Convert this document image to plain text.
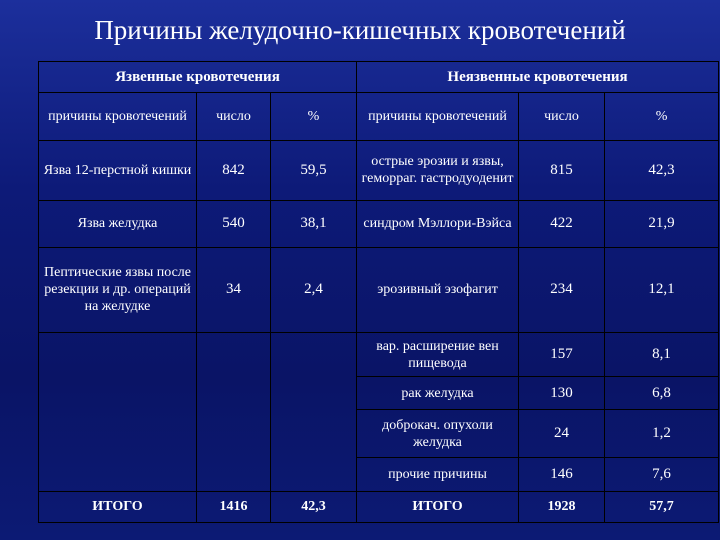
Причины желудочно-кишечных кровотечений
Язвенные кровотечения			Неязвенные кровотечения		
причины кровотечений	число	%	причины кровотечений	число	%
Язва 12-перстной кишки	842	59,5	острые эрозии и язвы, геморраг. гастродуоденит	815	42,3
Язва желудка	540	38,1	синдром Мэллори-Вэйса	422	21,9
Пептические язвы после резекции и др. операций на желудке	34	2,4	эрозивный эзофагит	234	12,1
			вар. расширение вен пищевода	157	8,1
			рак желудка	130	6,8
			доброкач. опухоли желудка	24	1,2
			прочие причины	146	7,6
ИТОГО	1416	42,3	ИТОГО	1928	57,7
